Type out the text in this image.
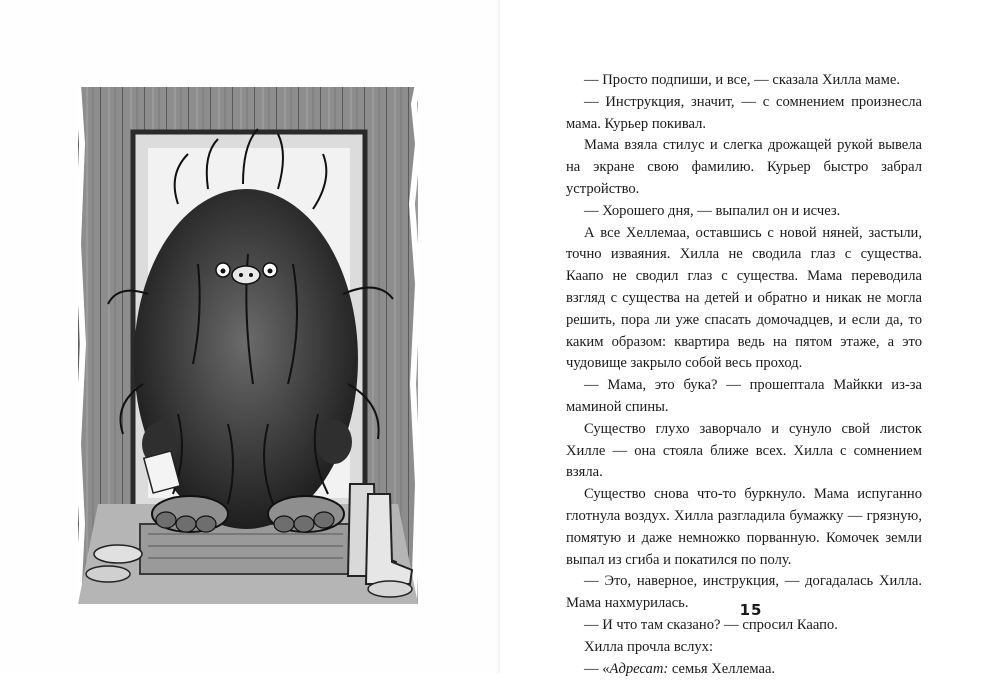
— Просто подпиши, и все, — сказала Хилла маме.

— Инструкция, значит, — с сомнением произнесла мама. Курьер покивал.

Мама взяла стилус и слегка дрожащей рукой вывела на экране свою фамилию. Курьер быстро забрал устройство.

— Хорошего дня, — выпалил он и исчез.

А все Хеллемаа, оставшись с новой няней, застыли, точно изваяния. Хилла не сводила глаз с существа. Каапо не сводил глаз с существа. Мама переводила взгляд с существа на детей и обратно и никак не могла решить, пора ли уже спасать домочадцев, и если да, то каким образом: квартира ведь на пятом этаже, а это чудовище закрыло собой весь проход.

— Мама, это бука? — прошептала Майкки из-за маминой спины.

Существо глухо заворчало и сунуло свой листок Хилле — она стояла ближе всех. Хилла с сомнением взяла.

Существо снова что-то буркнуло. Мама испуганно глотнула воздух. Хилла разгладила бумажку — грязную, помятую и даже немножко порванную. Комочек земли выпал из сгиба и покатился по полу.

— Это, наверное, инструкция, — догадалась Хилла. Мама нахмурилась.

— И что там сказано? — спросил Каапо.

Хилла прочла вслух:

— «Адресат: семья Хеллемаа.

15
